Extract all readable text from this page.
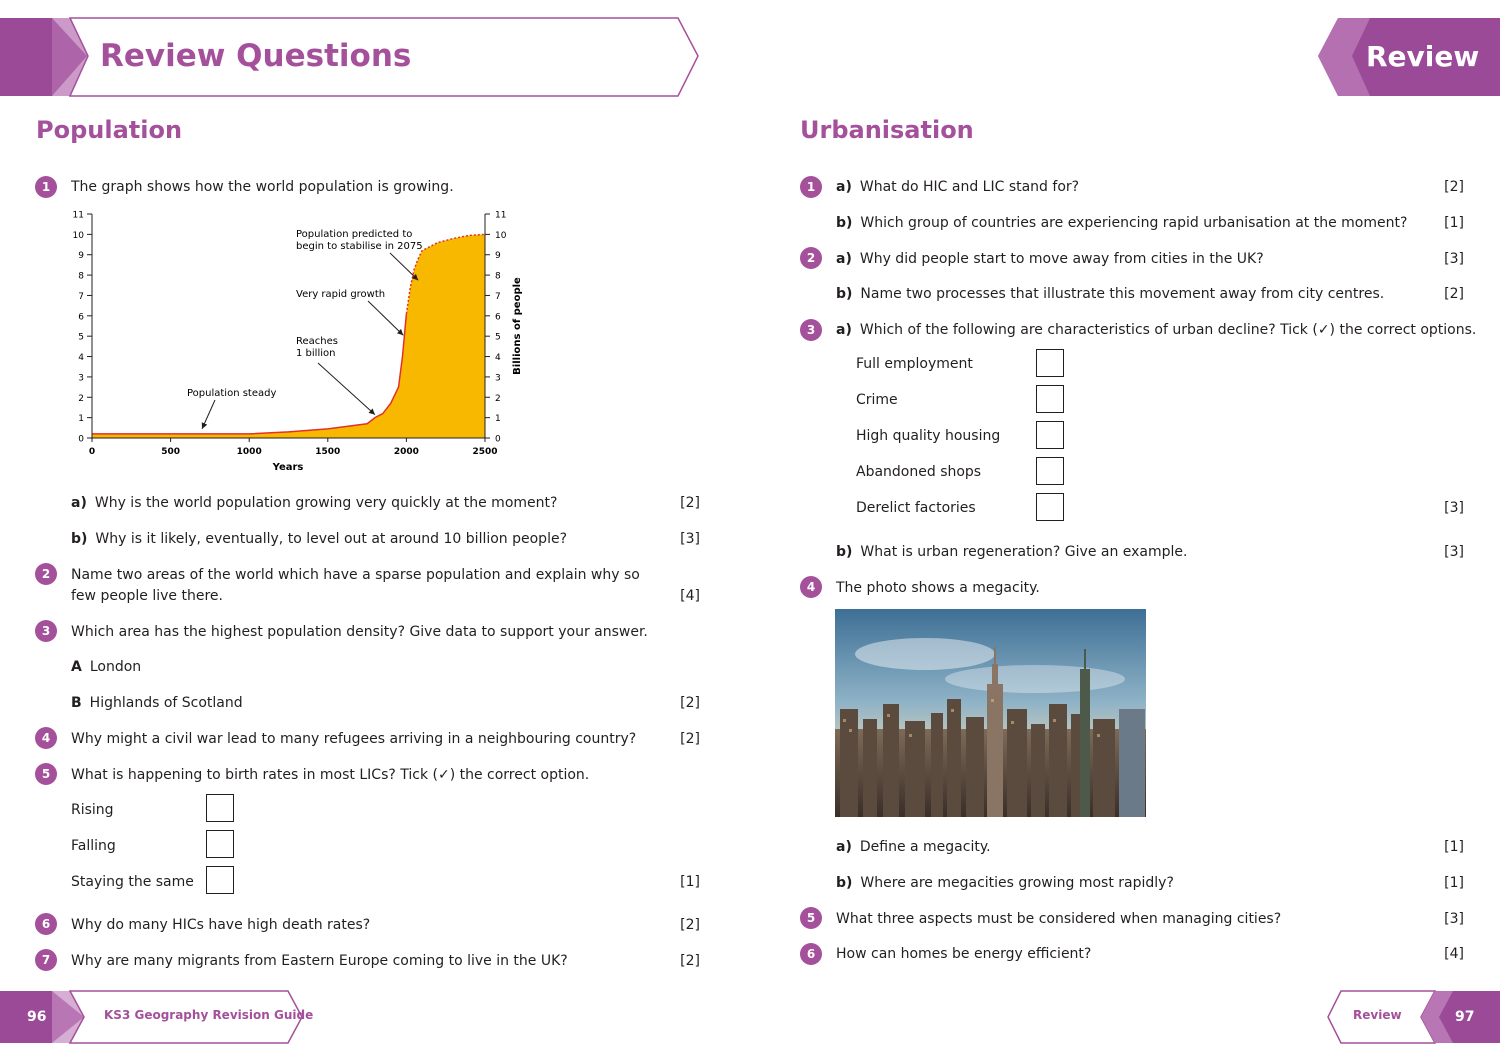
Review Questions	Review
Population
1	The graph shows how the world population is growing.
0
1
2
3
4
5
6
7
8
9
10
11
0
1
2
3
4
5
6
7
8
9
10
11
0	500	1000	1500	2000	2500
Years
Billions of people
Population steady
Reaches
1 billion
Very rapid growth
Population predicted to
begin to stabilise in 2075
a) Why is the world population growing very quickly at the moment?	[2]
b) Why is it likely, eventually, to level out at around 10 billion people?	[3]
2	Name two areas of the world which have a sparse population and explain why so
few people live there.	[4]
3	Which area has the highest population density? Give data to support your answer.
A London
B Highlands of Scotland	[2]
4	Why might a civil war lead to many refugees arriving in a neighbouring country?	[2]
5	What is happening to birth rates in most LICs? Tick (✓) the correct option.
Rising
Falling
Staying the same	[1]
6	Why do many HICs have high death rates?	[2]
7	Why are many migrants from Eastern Europe coming to live in the UK?	[2]
Urbanisation
1	a) What do HIC and LIC stand for?	[2]
b) Which group of countries are experiencing rapid urbanisation at the moment?	[1]
2	a) Why did people start to move away from cities in the UK?	[3]
b) Name two processes that illustrate this movement away from city centres.	[2]
3	a) Which of the following are characteristics of urban decline? Tick (✓) the correct options.
Full employment
Crime
High quality housing
Abandoned shops
Derelict factories	[3]
b) What is urban regeneration? Give an example.	[3]
4	The photo shows a megacity.
a) Define a megacity.	[1]
b) Where are megacities growing most rapidly?	[1]
5	What three aspects must be considered when managing cities?	[3]
6	How can homes be energy efficient?	[4]
96	KS3 Geography Revision Guide	Review	97
